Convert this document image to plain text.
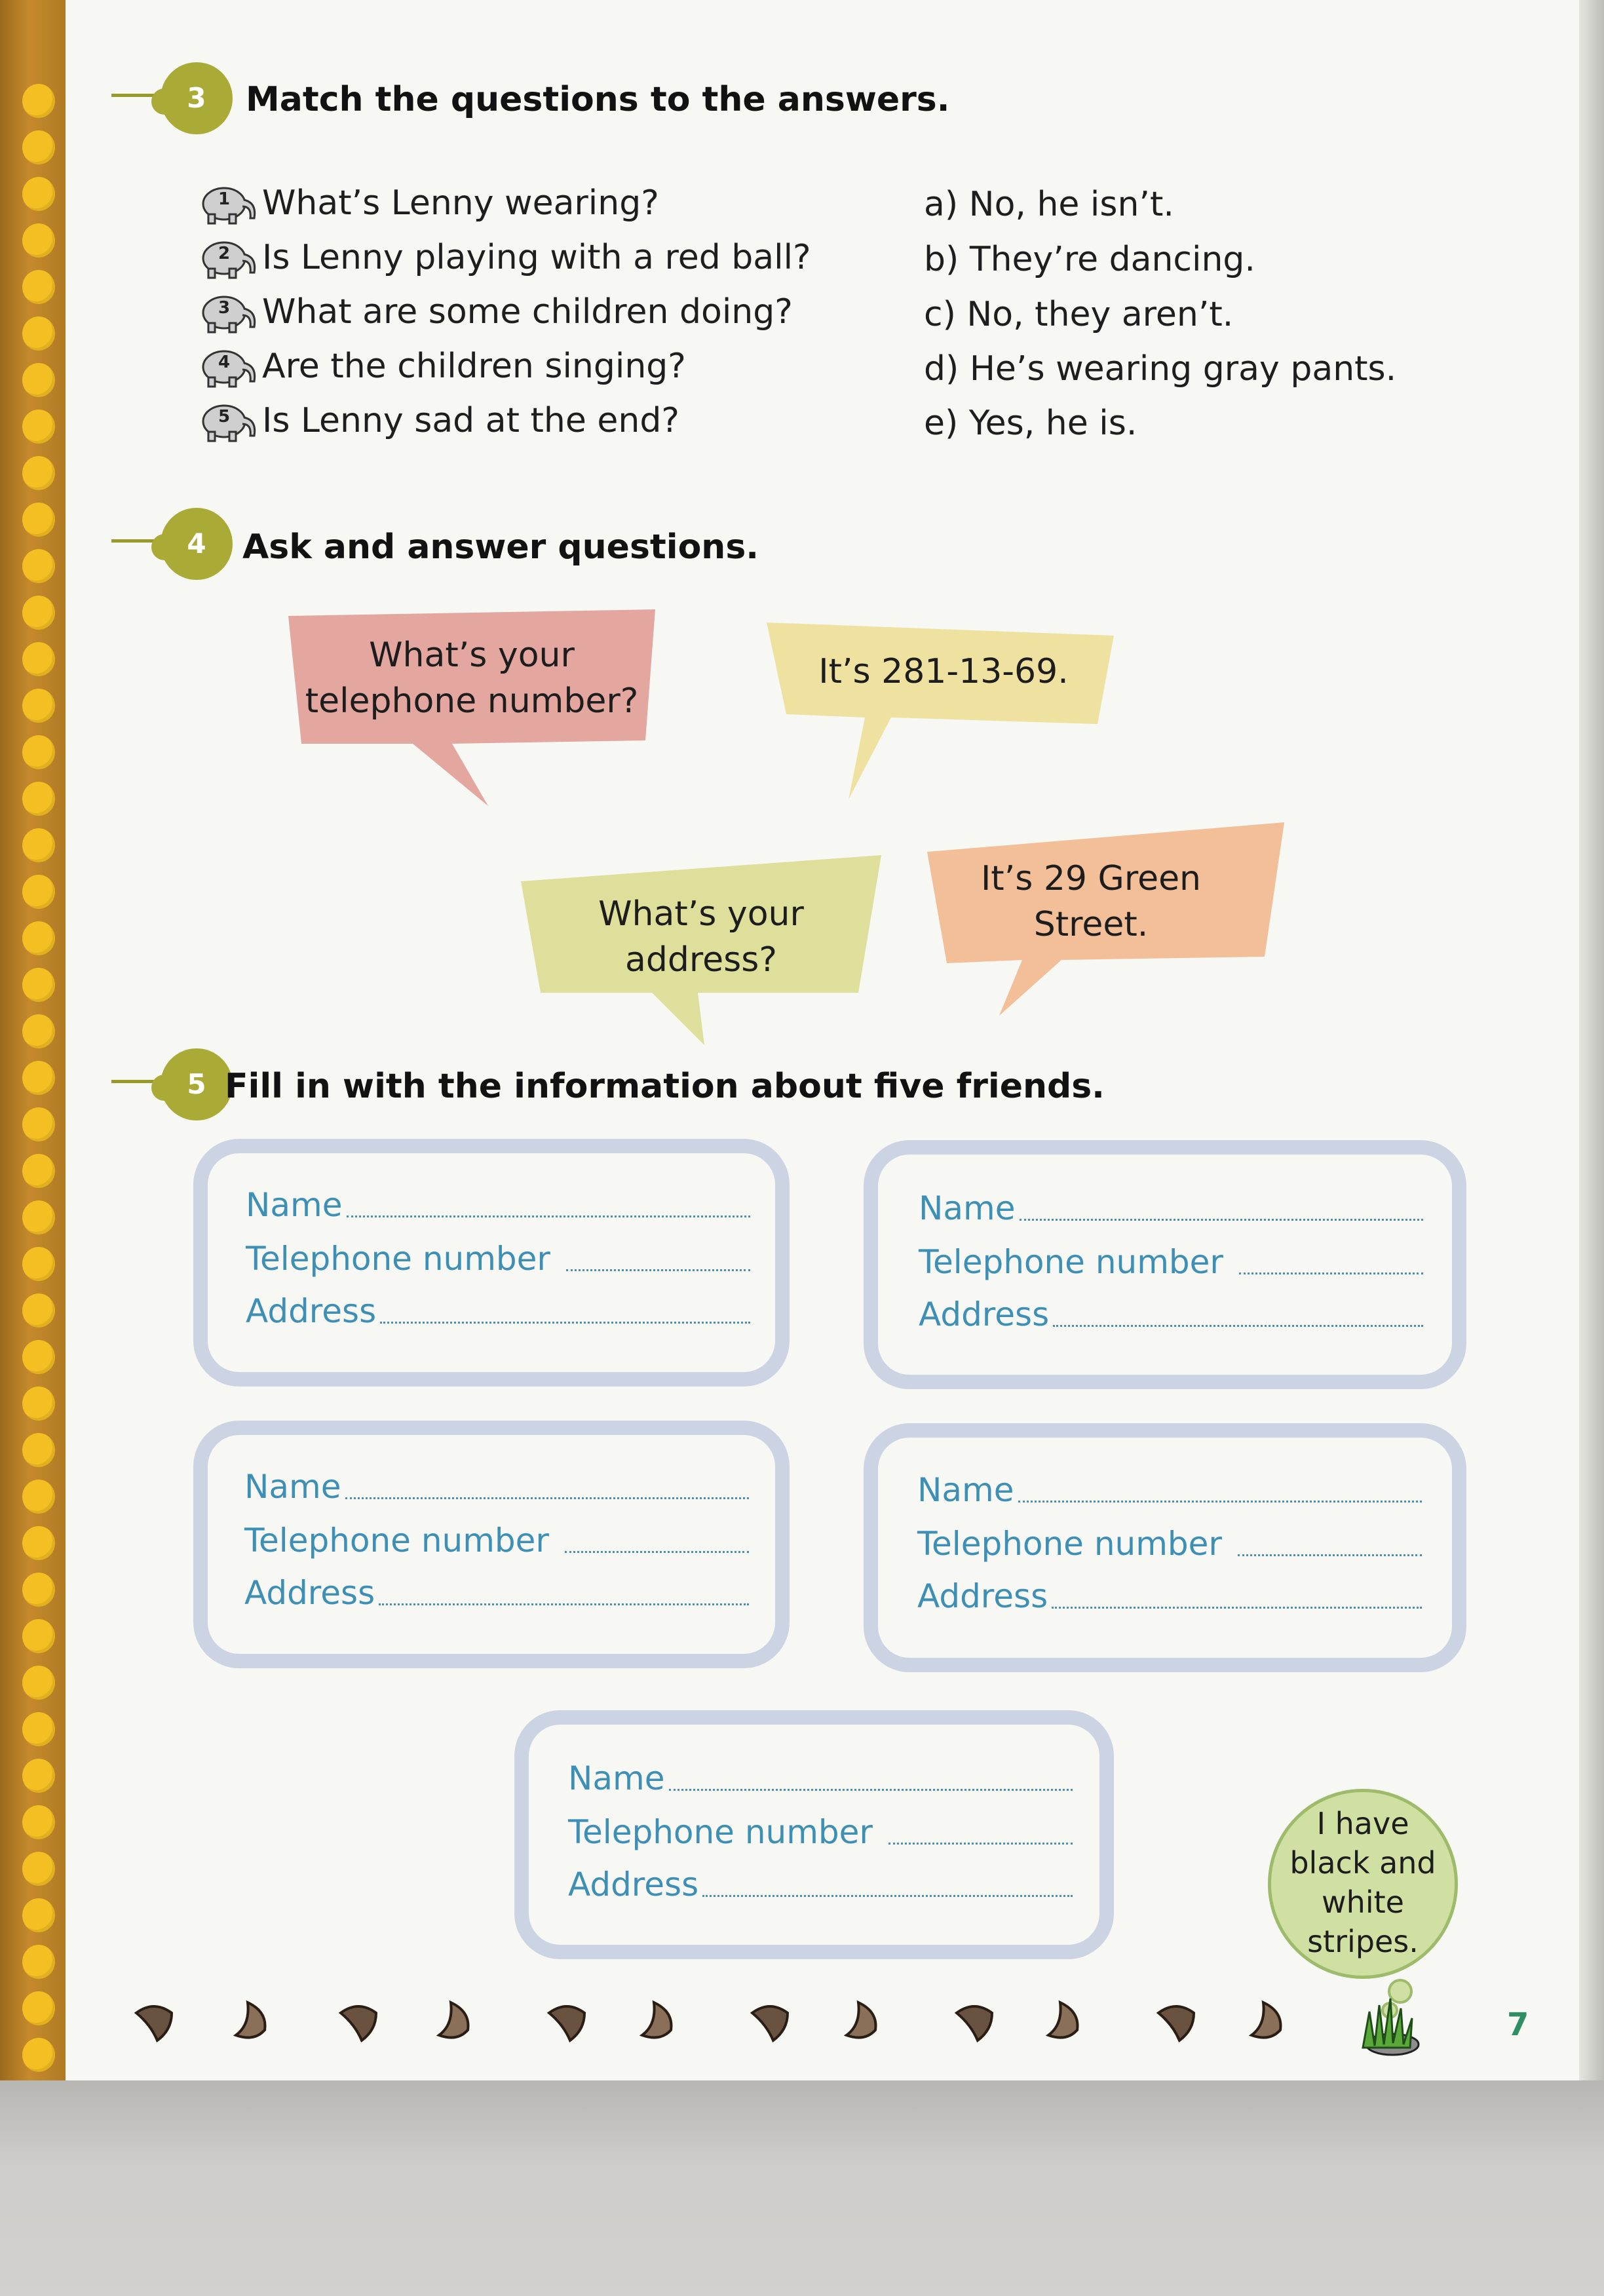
3	Match the questions to the answers.
1 What’s Lenny wearing?
2 Is Lenny playing with a red ball?
3 What are some children doing?
4 Are the children singing?
5 Is Lenny sad at the end?
a) No, he isn’t.
b) They’re dancing.
c) No, they aren’t.
d) He’s wearing gray pants.
e) Yes, he is.
4	Ask and answer questions.
What’s your
telephone number?
It’s 281-13-69.
What’s your
address?
It’s 29 Green
Street.
5 Fill in with the information about five friends.
Name
Telephone number
Address
Name
Telephone number
Address
Name
Telephone number
Address
Name
Telephone number
Address
Name
Telephone number
Address
I have
black and
white
stripes.
7
